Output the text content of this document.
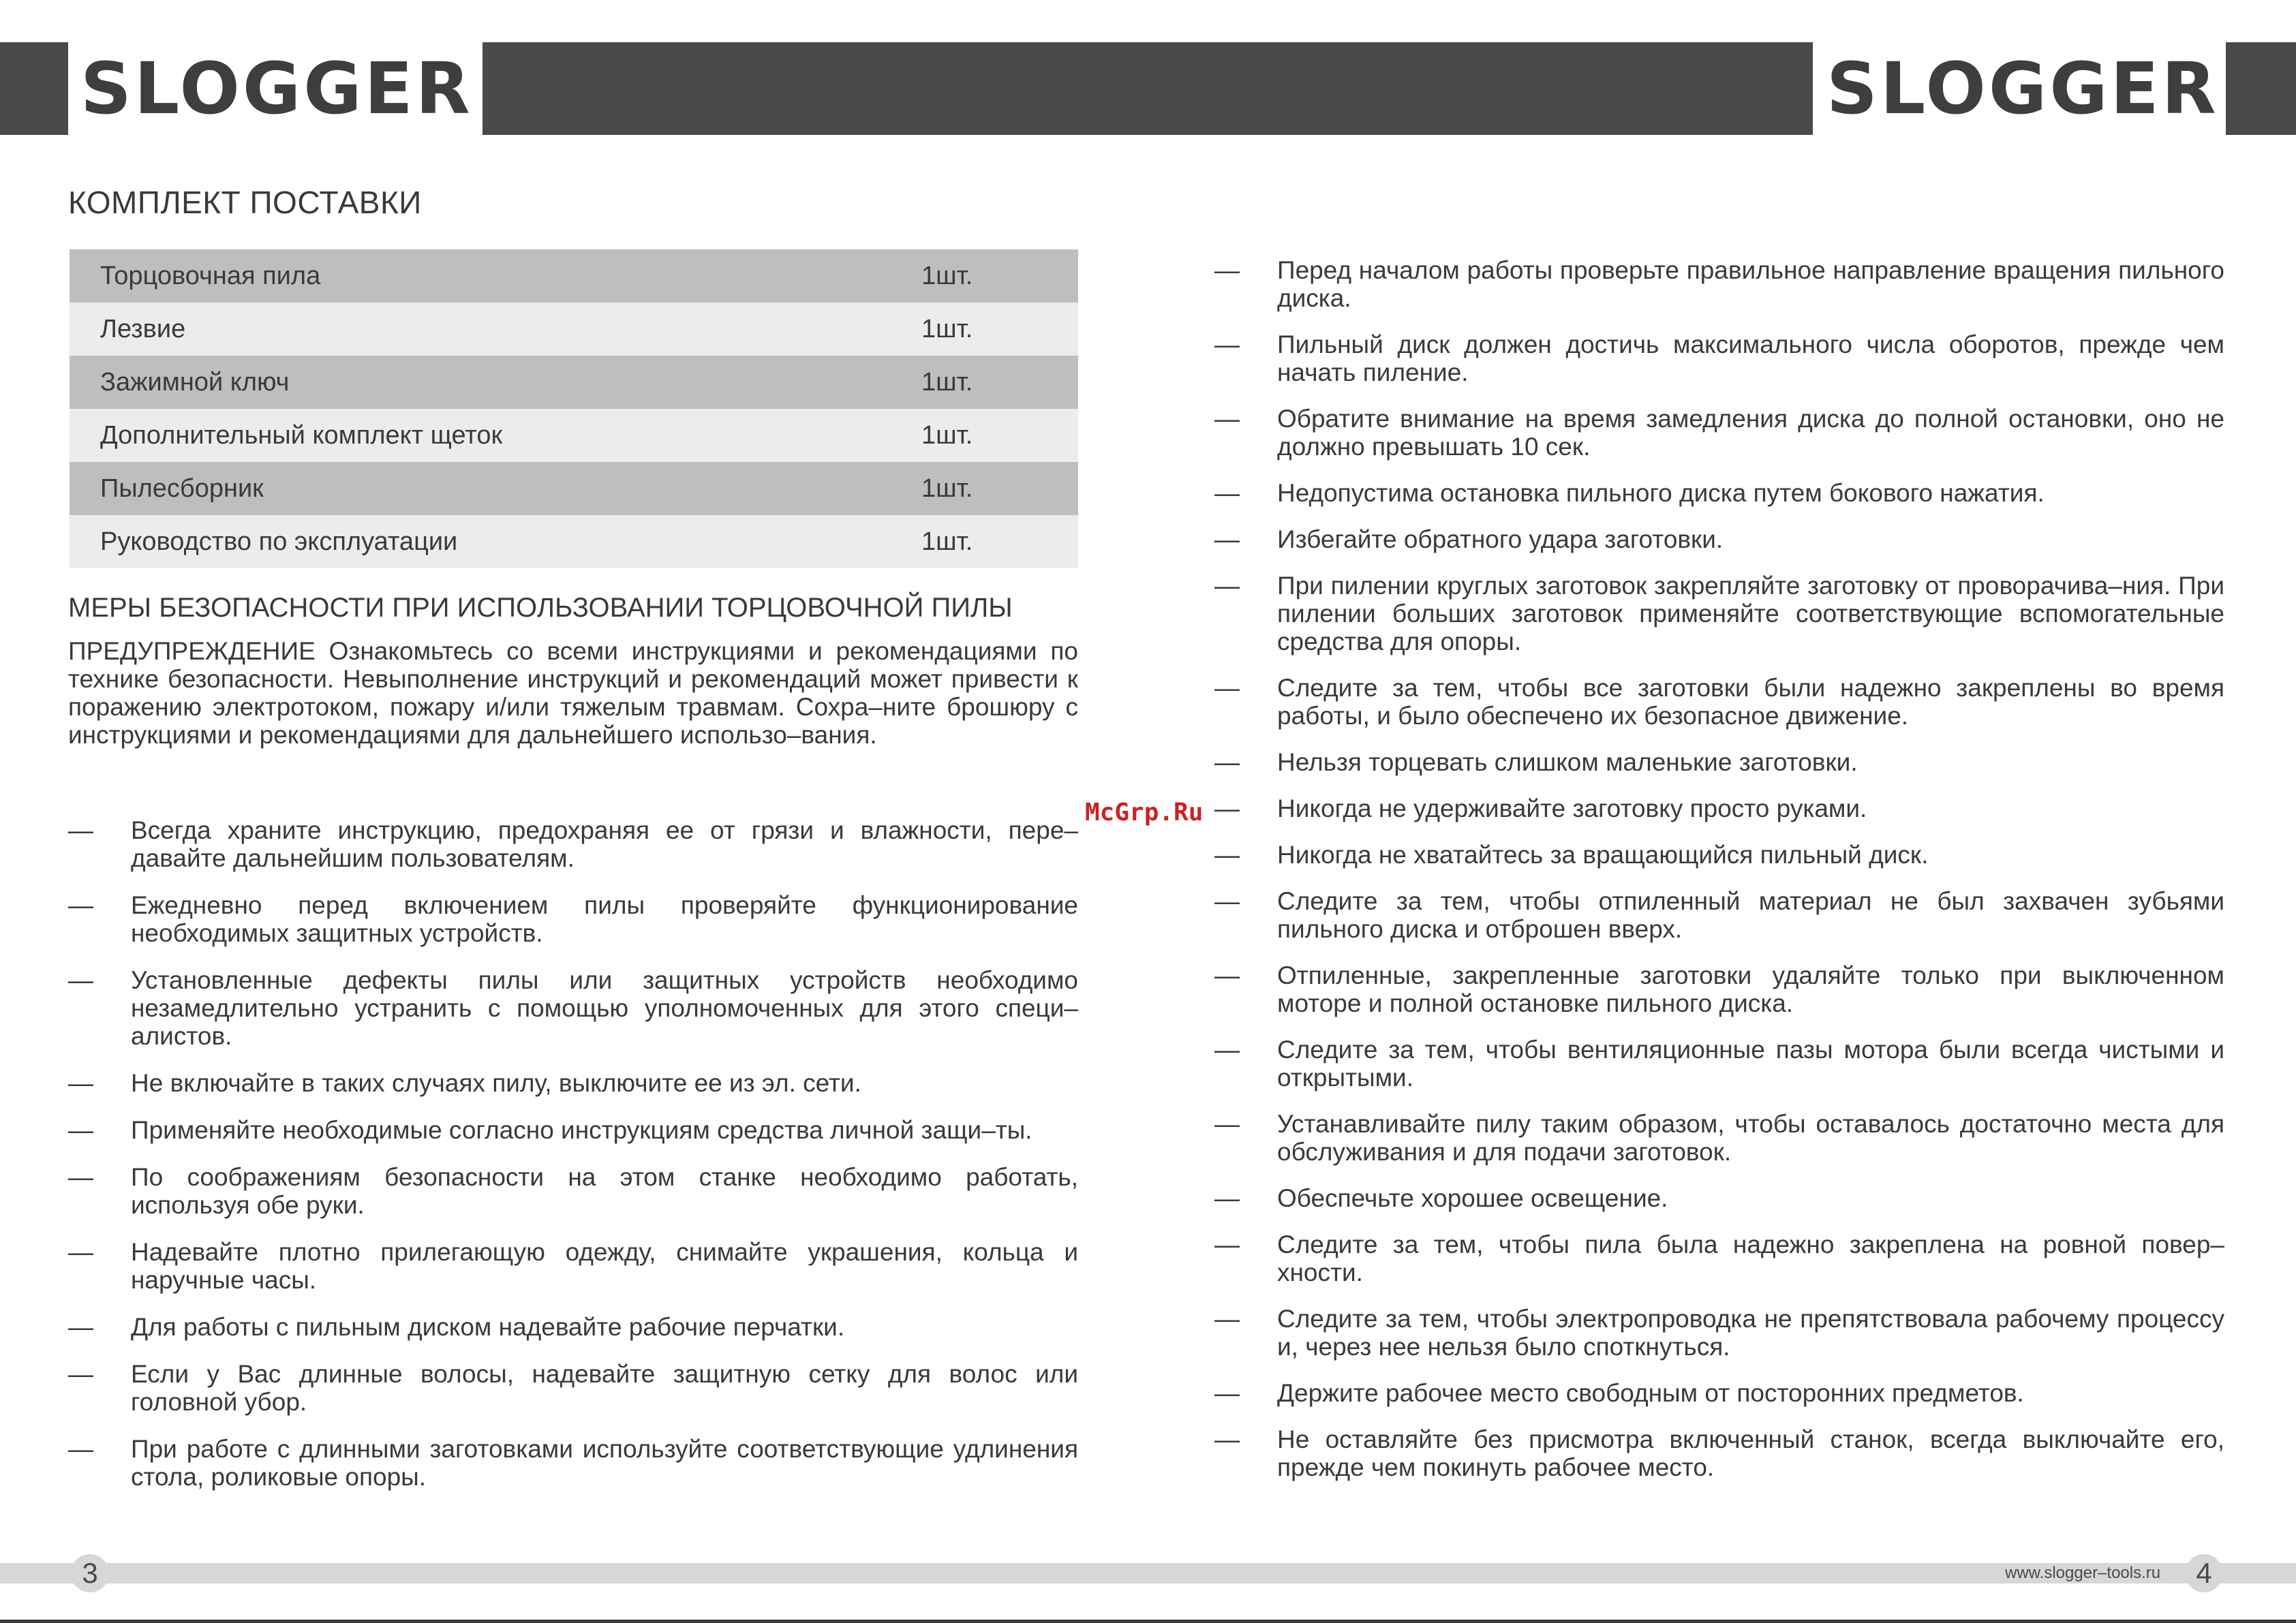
SLOGGER	SLOGGER
КОМПЛЕКТ ПОСТАВКИ
Торцовочная пила	1шт.
Лезвие	1шт.
Зажимной ключ	1шт.
Дополнительный комплект щеток	1шт.
Пылесборник	1шт.
Руководство по эксплуатации	1шт.
МЕРЫ БЕЗОПАСНОСТИ ПРИ ИСПОЛЬЗОВАНИИ ТОРЦОВОЧНОЙ ПИЛЫ
ПРЕДУПРЕЖДЕНИЕ Ознакомьтесь со всеми инструкциями и рекомендациями по технике безопасности. Невыполнение инструкций и рекомендаций может привести к поражению электротоком, пожару и/или тяжелым травмам. Сохра–ните брошюру с инструкциями и рекомендациями для дальнейшего использо–вания.
—	Всегда храните инструкцию, предохраняя ее от грязи и влажности, пере–давайте дальнейшим пользователям.
—	Ежедневно перед включением пилы проверяйте функционирование необходимых защитных устройств.
—	Установленные дефекты пилы или защитных устройств необходимо незамедлительно устранить с помощью уполномоченных для этого специ–алистов.
—	Не включайте в таких случаях пилу, выключите ее из эл. сети.
—	Применяйте необходимые согласно инструкциям средства личной защи–ты.
—	По соображениям безопасности на этом станке необходимо работать, используя обе руки.
—	Надевайте плотно прилегающую одежду, снимайте украшения, кольца и наручные часы.
—	Для работы с пильным диском надевайте рабочие перчатки.
—	Если у Вас длинные волосы, надевайте защитную сетку для волос или головной убор.
—	При работе с длинными заготовками используйте соответствующие удлинения стола, роликовые опоры.
—	Перед началом работы проверьте правильное направление вращения пильного диска.
—	Пильный диск должен достичь максимального числа оборотов, прежде чем начать пиление.
—	Обратите внимание на время замедления диска до полной остановки, оно не должно превышать 10 сек.
—	Недопустима остановка пильного диска путем бокового нажатия.
—	Избегайте обратного удара заготовки.
—	При пилении круглых заготовок закрепляйте заготовку от проворачива–ния. При пилении больших заготовок применяйте соответствующие вспомогательные средства для опоры.
—	Следите за тем, чтобы все заготовки были надежно закреплены во время работы, и было обеспечено их безопасное движение.
—	Нельзя торцевать слишком маленькие заготовки.
—	Никогда не удерживайте заготовку просто руками.
—	Никогда не хватайтесь за вращающийся пильный диск.
—	Следите за тем, чтобы отпиленный материал не был захвачен зубьями пильного диска и отброшен вверх.
—	Отпиленные, закрепленные заготовки удаляйте только при выключенном моторе и полной остановке пильного диска.
—	Следите за тем, чтобы вентиляционные пазы мотора были всегда чистыми и открытыми.
—	Устанавливайте пилу таким образом, чтобы оставалось достаточно места для обслуживания и для подачи заготовок.
—	Обеспечьте хорошее освещение.
—	Следите за тем, чтобы пила была надежно закреплена на ровной повер–хности.
—	Следите за тем, чтобы электропроводка не препятствовала рабочему процессу и, через нее нельзя было споткнуться.
—	Держите рабочее место свободным от посторонних предметов.
—	Не оставляйте без присмотра включенный станок, всегда выключайте его, прежде чем покинуть рабочее место.
McGrp.Ru
3	www.slogger–tools.ru	4
